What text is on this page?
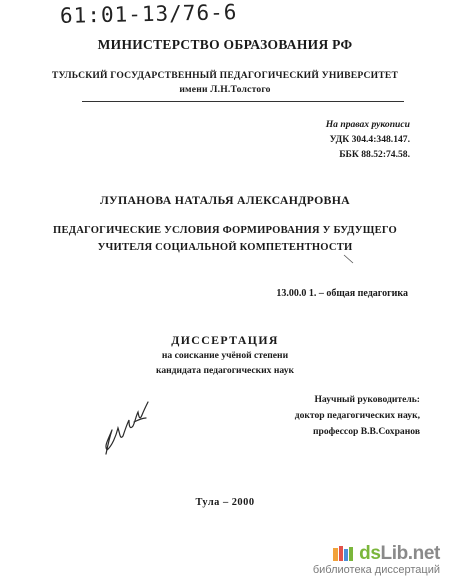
61:01-13/76-6
МИНИСТЕРСТВО ОБРАЗОВАНИЯ РФ
ТУЛЬСКИЙ ГОСУДАРСТВЕННЫЙ ПЕДАГОГИЧЕСКИЙ УНИВЕРСИТЕТ
имени Л.Н.Толстого
На правах рукописи
УДК 304.4:348.147.
ББК 88.52:74.58.
ЛУПАНОВА НАТАЛЬЯ АЛЕКСАНДРОВНА
ПЕДАГОГИЧЕСКИЕ УСЛОВИЯ ФОРМИРОВАНИЯ У БУДУЩЕГО
УЧИТЕЛЯ СОЦИАЛЬНОЙ КОМПЕТЕНТНОСТИ
13.00.0 1. – общая педагогика
ДИССЕРТАЦИЯ
на соискание учёной степени
кандидата педагогических наук
Научный руководитель:
доктор педагогических наук,
профессор В.В.Сохранов
Тула – 2000
dsLib.net
библиотека диссертаций
